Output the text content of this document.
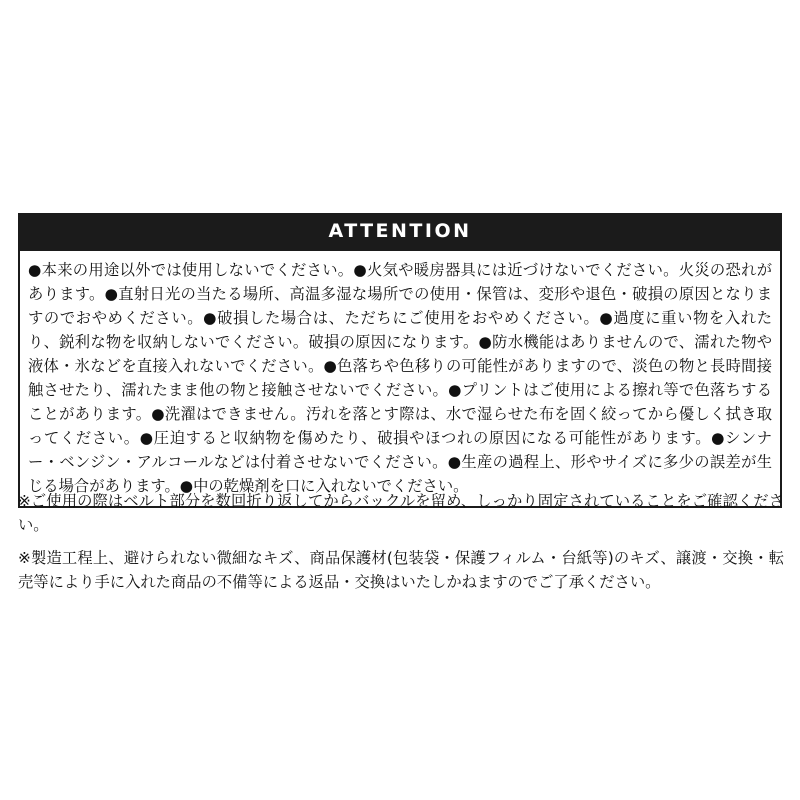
ATTENTION
●本来の用途以外では使用しないでください。●火気や暖房器具には近づけないでください。火災の恐れがあります。●直射日光の当たる場所、高温多湿な場所での使用・保管は、変形や退色・破損の原因となりますのでおやめください。●破損した場合は、ただちにご使用をおやめください。●過度に重い物を入れたり、鋭利な物を収納しないでください。破損の原因になります。●防水機能はありませんので、濡れた物や液体・氷などを直接入れないでください。●色落ちや色移りの可能性がありますので、淡色の物と長時間接触させたり、濡れたまま他の物と接触させないでください。●プリントはご使用による擦れ等で色落ちすることがあります。●洗濯はできません。汚れを落とす際は、水で湿らせた布を固く絞ってから優しく拭き取ってください。●圧迫すると収納物を傷めたり、破損やほつれの原因になる可能性があります。●シンナー・ベンジン・アルコールなどは付着させないでください。●生産の過程上、形やサイズに多少の誤差が生じる場合があります。●中の乾燥剤を口に入れないでください。
※ご使用の際はベルト部分を数回折り返してからバックルを留め、しっかり固定されていることをご確認ください。
※製造工程上、避けられない微細なキズ、商品保護材(包装袋・保護フィルム・台紙等)のキズ、譲渡・交換・転売等により手に入れた商品の不備等による返品・交換はいたしかねますのでご了承ください。
